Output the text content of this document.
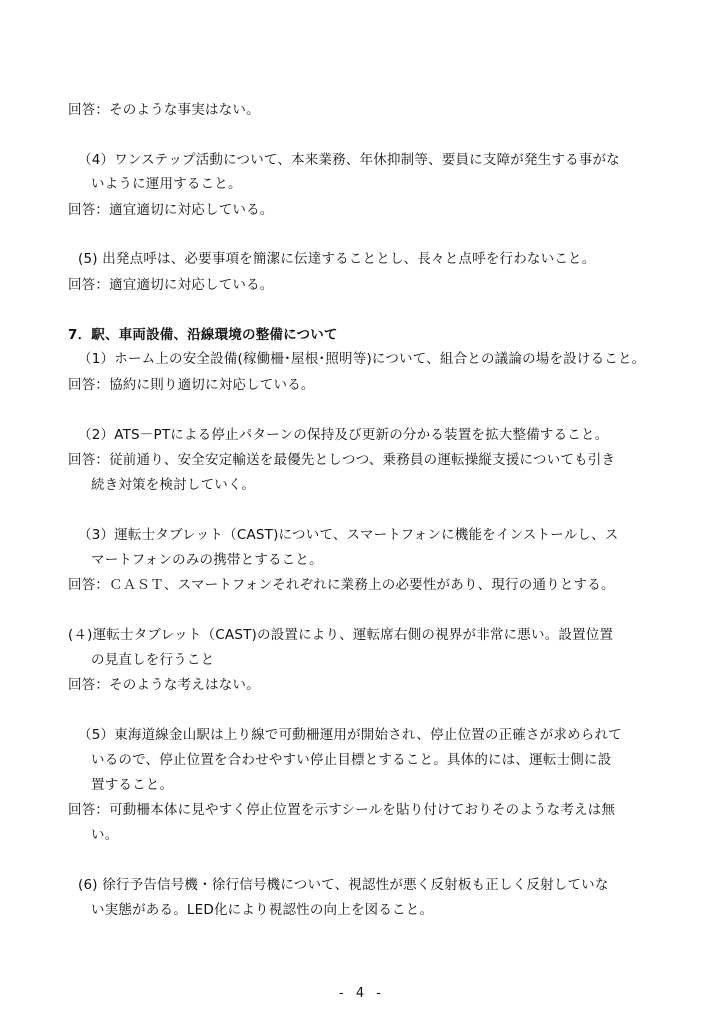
回答：そのような事実はない。
（4）ワンステップ活動について、本来業務、年休抑制等、要員に支障が発生する事がな
いように運用すること。
回答：適宜適切に対応している。
(5) 出発点呼は、必要事項を簡潔に伝達することとし、長々と点呼を行わないこと。
回答：適宜適切に対応している。
7．駅、車両設備、沿線環境の整備について
（1）ホーム上の安全設備(稼働柵･屋根･照明等)について、組合との議論の場を設けること。
回答：協約に則り適切に対応している。
（2）ATS－PTによる停止パターンの保持及び更新の分かる装置を拡大整備すること。
回答：従前通り、安全安定輸送を最優先としつつ、乗務員の運転操縦支援についても引き
続き対策を検討していく。
（3）運転士タブレット（CAST)について、スマートフォンに機能をインストールし、ス
マートフォンのみの携帯とすること。
回答：ＣＡＳＴ、スマートフォンそれぞれに業務上の必要性があり、現行の通りとする。
(４)運転士タブレット（CAST)の設置により、運転席右側の視界が非常に悪い。設置位置
の見直しを行うこと
回答：そのような考えはない。
（5）東海道線金山駅は上り線で可動柵運用が開始され、停止位置の正確さが求められて
いるので、停止位置を合わせやすい停止目標とすること。具体的には、運転士側に設
置すること。
回答：可動柵本体に見やすく停止位置を示すシールを貼り付けておりそのような考えは無
い。
(6) 徐行予告信号機・徐行信号機について、視認性が悪く反射板も正しく反射していな
い実態がある。LED化により視認性の向上を図ること。
- 4 -
